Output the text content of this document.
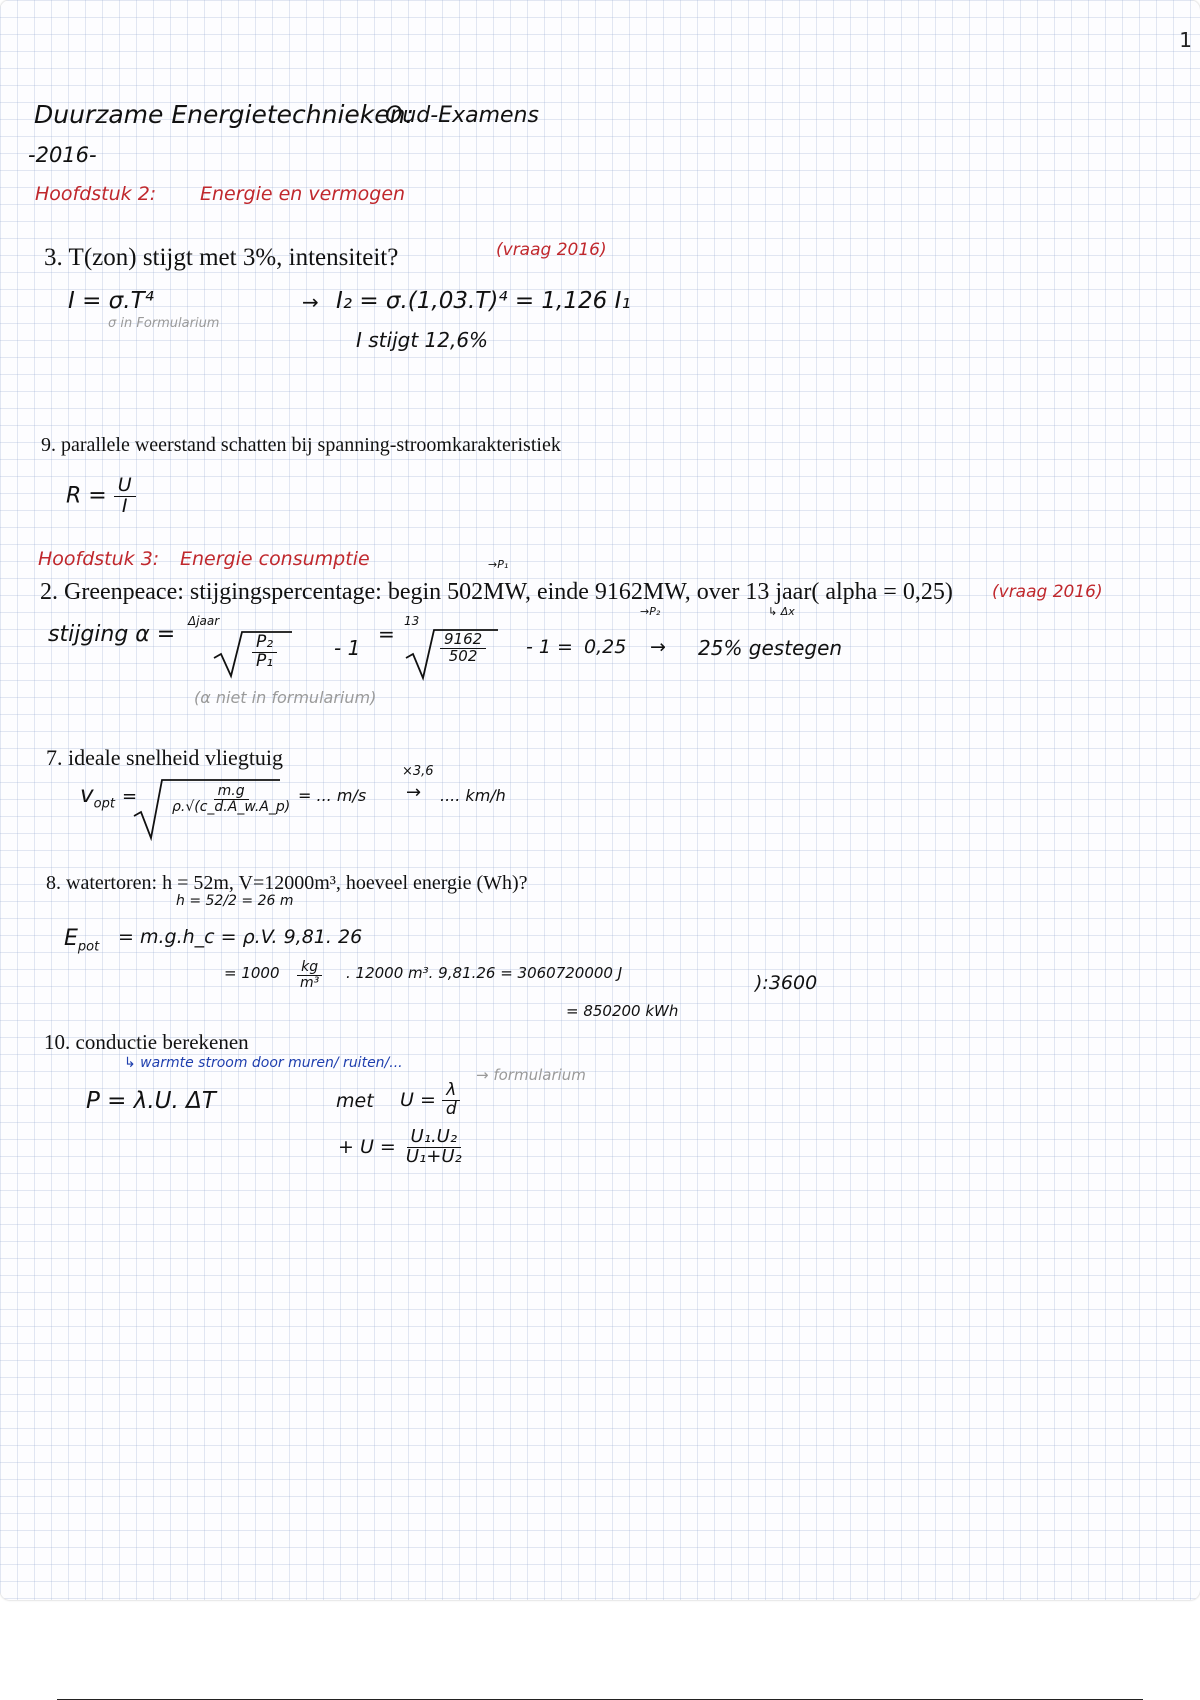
1
Duurzame Energietechnieken:
Oud-Examens
-2016-
Hoofdstuk 2: Energie en vermogen
3. T(zon) stijgt met 3%, intensiteit?	(vraag 2016)
I = σ.T⁴
σ in Formularium
→ I₂ = σ.(1,03.T)⁴ = 1,126 I₁
I stijgt 12,6%
9. parallele weerstand schatten bij spanning-stroomkarakteristiek
$R = \frac{U}{I}$
Hoofdstuk 3: Energie consumptie	→P₁
→P₂	↳ Δx
2. Greenpeace: stijgingspercentage: begin 502MW, einde 9162MW, over 13 jaar( alpha = 0,25) (vraag 2016)
stijging α =
Δjaar
$\frac{\text{P₂}}{\text{P₁}}$	- 1
=
13
$\frac{9162}{502} - 1 = 0,25 \to 25\%$ gestegen
(α niet in formularium)
7. ideale snelheid vliegtuig
$v_{opt} = \frac{m.g}{\rho.√(c\_d.A\_w.A\_p)}$ = ... m/s
×3,6
→ .... km/h
8. watertoren: h = 52m, V=12000m³, hoeveel energie (Wh)?
h = 52/2 = 26 m
$E_{pot}$ = m.g.h_c = ρ.V. 9,81. 26
= $1000 \frac{kg}{\text{m³}}$ . 12000 m³. 9,81.26 = 3060720000 J
= 850200 kWh
):3600
10. conductie berekenen
↳ warmte stroom door muren/ ruiten/...
→ formularium
P = λ.U. ΔT	met $U = \frac{\lambda}{d}$
+ $U = \frac{\text{U₁.U₂}}{\text{U₁+U₂}}$
